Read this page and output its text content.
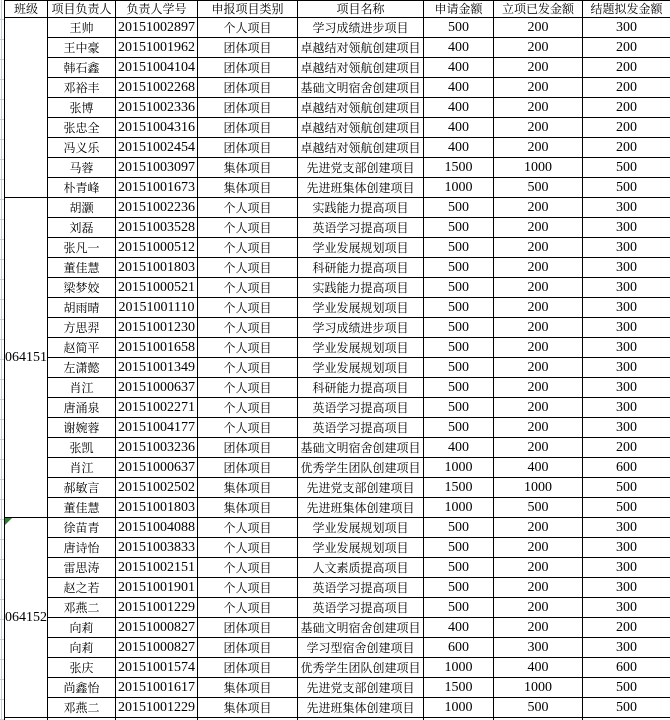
班级	项目负责人	负责人学号	申报项目类别	项目名称	申请金额	立项已发金额	结题拟发金额
	王帅	20151002897	个人项目	学习成绩进步项目	500	200	300
	王中豪	20151001962	团体项目	卓越结对领航创建项目	400	200	200
	韩石鑫	20151004104	团体项目	卓越结对领航创建项目	400	200	200
	邓裕丰	20151002268	团体项目	基础文明宿舍创建项目	400	200	200
	张博	20151002336	团体项目	卓越结对领航创建项目	400	200	200
	张忠全	20151004316	团体项目	卓越结对领航创建项目	400	200	200
	冯义乐	20151002454	团体项目	卓越结对领航创建项目	400	200	200
	马蓉	20151003097	集体项目	先进党支部创建项目	1500	1000	500
	朴青峰	20151001673	集体项目	先进班集体创建项目	1000	500	500
064151	胡灏	20151002236	个人项目	实践能力提高项目	500	200	300
	刘磊	20151003528	个人项目	英语学习提高项目	500	200	300
	张凡一	20151000512	个人项目	学业发展规划项目	500	200	300
	董佳慧	20151001803	个人项目	科研能力提高项目	500	200	300
	梁梦姣	20151000521	个人项目	实践能力提高项目	500	200	300
	胡雨晴	20151001110	个人项目	学业发展规划项目	500	200	300
	方思羿	20151001230	个人项目	学习成绩进步项目	500	200	300
	赵简平	20151001658	个人项目	学业发展规划项目	500	200	300
	左潇懿	20151001349	个人项目	学业发展规划项目	500	200	300
	肖江	20151000637	个人项目	科研能力提高项目	500	200	300
	唐涌泉	20151002271	个人项目	英语学习提高项目	500	200	300
	谢婉蓉	20151004177	个人项目	英语学习提高项目	500	200	300
	张凯	20151003236	团体项目	基础文明宿舍创建项目	400	200	200
	肖江	20151000637	团体项目	优秀学生团队创建项目	1000	400	600
	郝敏言	20151002502	集体项目	先进党支部创建项目	1500	1000	500
	董佳慧	20151001803	集体项目	先进班集体创建项目	1000	500	500

064152	徐苗青	20151004088	个人项目	学业发展规划项目	500	200	300
	唐诗怡	20151003833	个人项目	学业发展规划项目	500	200	300
	雷思涛	20151002151	个人项目	人文素质提高项目	500	200	300
	赵之若	20151001901	个人项目	英语学习提高项目	500	200	300
	邓燕二	20151001229	个人项目	英语学习提高项目	500	200	300
	向莉	20151000827	团体项目	基础文明宿舍创建项目	400	200	200
	向莉	20151000827	团体项目	学习型宿舍创建项目	600	300	300
	张庆	20151001574	团体项目	优秀学生团队创建项目	1000	400	600
	尚鑫怡	20151001617	集体项目	先进党支部创建项目	1500	1000	500
	邓燕二	20151001229	集体项目	先进班集体创建项目	1000	500	500
